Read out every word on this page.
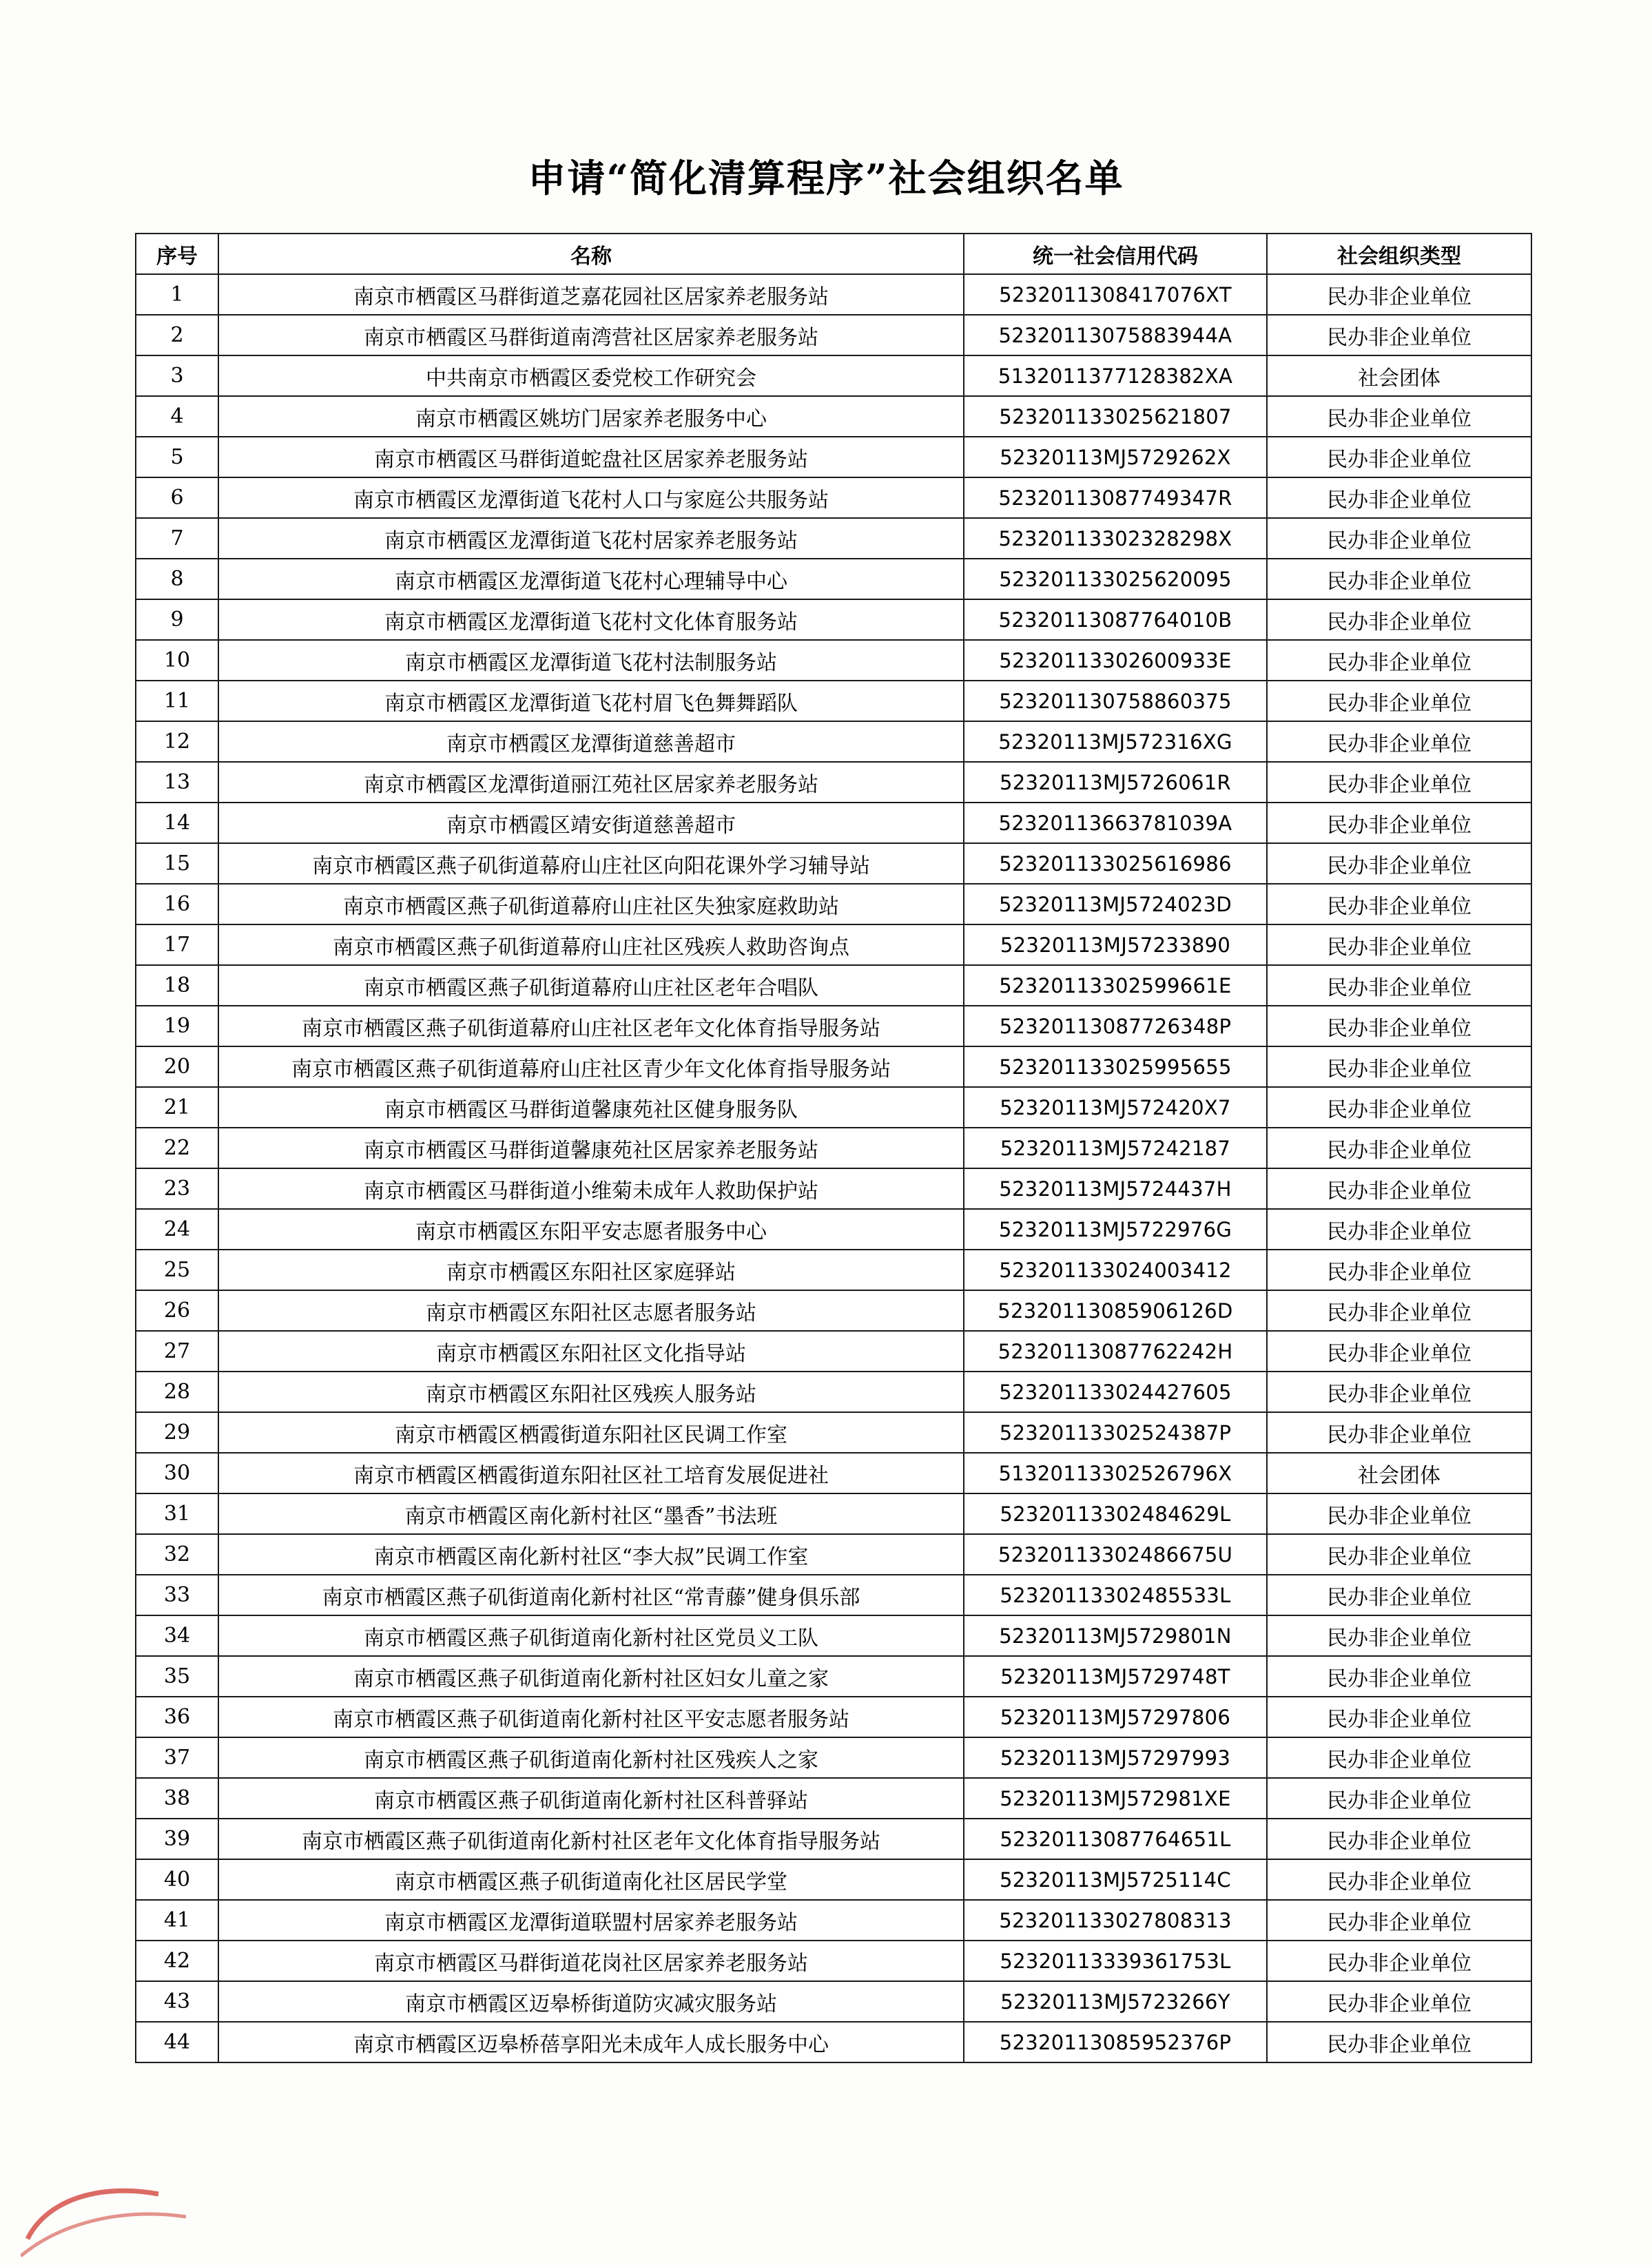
申请“简化清算程序”社会组织名单
序号	名称	统一社会信用代码	社会组织类型
1	南京市栖霞区马群街道芝嘉花园社区居家养老服务站	5232011308417076XT	民办非企业单位
2	南京市栖霞区马群街道南湾营社区居家养老服务站	52320113075883944A	民办非企业单位
3	中共南京市栖霞区委党校工作研究会	5132011377128382XA	社会团体
4	南京市栖霞区姚坊门居家养老服务中心	523201133025621807	民办非企业单位
5	南京市栖霞区马群街道蛇盘社区居家养老服务站	52320113MJ5729262X	民办非企业单位
6	南京市栖霞区龙潭街道飞花村人口与家庭公共服务站	52320113087749347R	民办非企业单位
7	南京市栖霞区龙潭街道飞花村居家养老服务站	52320113302328298X	民办非企业单位
8	南京市栖霞区龙潭街道飞花村心理辅导中心	523201133025620095	民办非企业单位
9	南京市栖霞区龙潭街道飞花村文化体育服务站	52320113087764010B	民办非企业单位
10	南京市栖霞区龙潭街道飞花村法制服务站	52320113302600933E	民办非企业单位
11	南京市栖霞区龙潭街道飞花村眉飞色舞舞蹈队	523201130758860375	民办非企业单位
12	南京市栖霞区龙潭街道慈善超市	52320113MJ572316XG	民办非企业单位
13	南京市栖霞区龙潭街道丽江苑社区居家养老服务站	52320113MJ5726061R	民办非企业单位
14	南京市栖霞区靖安街道慈善超市	52320113663781039A	民办非企业单位
15	南京市栖霞区燕子矶街道幕府山庄社区向阳花课外学习辅导站	523201133025616986	民办非企业单位
16	南京市栖霞区燕子矶街道幕府山庄社区失独家庭救助站	52320113MJ5724023D	民办非企业单位
17	南京市栖霞区燕子矶街道幕府山庄社区残疾人救助咨询点	52320113MJ57233890	民办非企业单位
18	南京市栖霞区燕子矶街道幕府山庄社区老年合唱队	52320113302599661E	民办非企业单位
19	南京市栖霞区燕子矶街道幕府山庄社区老年文化体育指导服务站	52320113087726348P	民办非企业单位
20	南京市栖霞区燕子矶街道幕府山庄社区青少年文化体育指导服务站	523201133025995655	民办非企业单位
21	南京市栖霞区马群街道馨康苑社区健身服务队	52320113MJ572420X7	民办非企业单位
22	南京市栖霞区马群街道馨康苑社区居家养老服务站	52320113MJ57242187	民办非企业单位
23	南京市栖霞区马群街道小维菊未成年人救助保护站	52320113MJ5724437H	民办非企业单位
24	南京市栖霞区东阳平安志愿者服务中心	52320113MJ5722976G	民办非企业单位
25	南京市栖霞区东阳社区家庭驿站	523201133024003412	民办非企业单位
26	南京市栖霞区东阳社区志愿者服务站	52320113085906126D	民办非企业单位
27	南京市栖霞区东阳社区文化指导站	52320113087762242H	民办非企业单位
28	南京市栖霞区东阳社区残疾人服务站	523201133024427605	民办非企业单位
29	南京市栖霞区栖霞街道东阳社区民调工作室	52320113302524387P	民办非企业单位
30	南京市栖霞区栖霞街道东阳社区社工培育发展促进社	51320113302526796X	社会团体
31	南京市栖霞区南化新村社区“墨香”书法班	52320113302484629L	民办非企业单位
32	南京市栖霞区南化新村社区“李大叔”民调工作室	52320113302486675U	民办非企业单位
33	南京市栖霞区燕子矶街道南化新村社区“常青藤”健身俱乐部	52320113302485533L	民办非企业单位
34	南京市栖霞区燕子矶街道南化新村社区党员义工队	52320113MJ5729801N	民办非企业单位
35	南京市栖霞区燕子矶街道南化新村社区妇女儿童之家	52320113MJ5729748T	民办非企业单位
36	南京市栖霞区燕子矶街道南化新村社区平安志愿者服务站	52320113MJ57297806	民办非企业单位
37	南京市栖霞区燕子矶街道南化新村社区残疾人之家	52320113MJ57297993	民办非企业单位
38	南京市栖霞区燕子矶街道南化新村社区科普驿站	52320113MJ572981XE	民办非企业单位
39	南京市栖霞区燕子矶街道南化新村社区老年文化体育指导服务站	52320113087764651L	民办非企业单位
40	南京市栖霞区燕子矶街道南化社区居民学堂	52320113MJ5725114C	民办非企业单位
41	南京市栖霞区龙潭街道联盟村居家养老服务站	523201133027808313	民办非企业单位
42	南京市栖霞区马群街道花岗社区居家养老服务站	52320113339361753L	民办非企业单位
43	南京市栖霞区迈皋桥街道防灾减灾服务站	52320113MJ5723266Y	民办非企业单位
44	南京市栖霞区迈皋桥蓓享阳光未成年人成长服务中心	52320113085952376P	民办非企业单位
